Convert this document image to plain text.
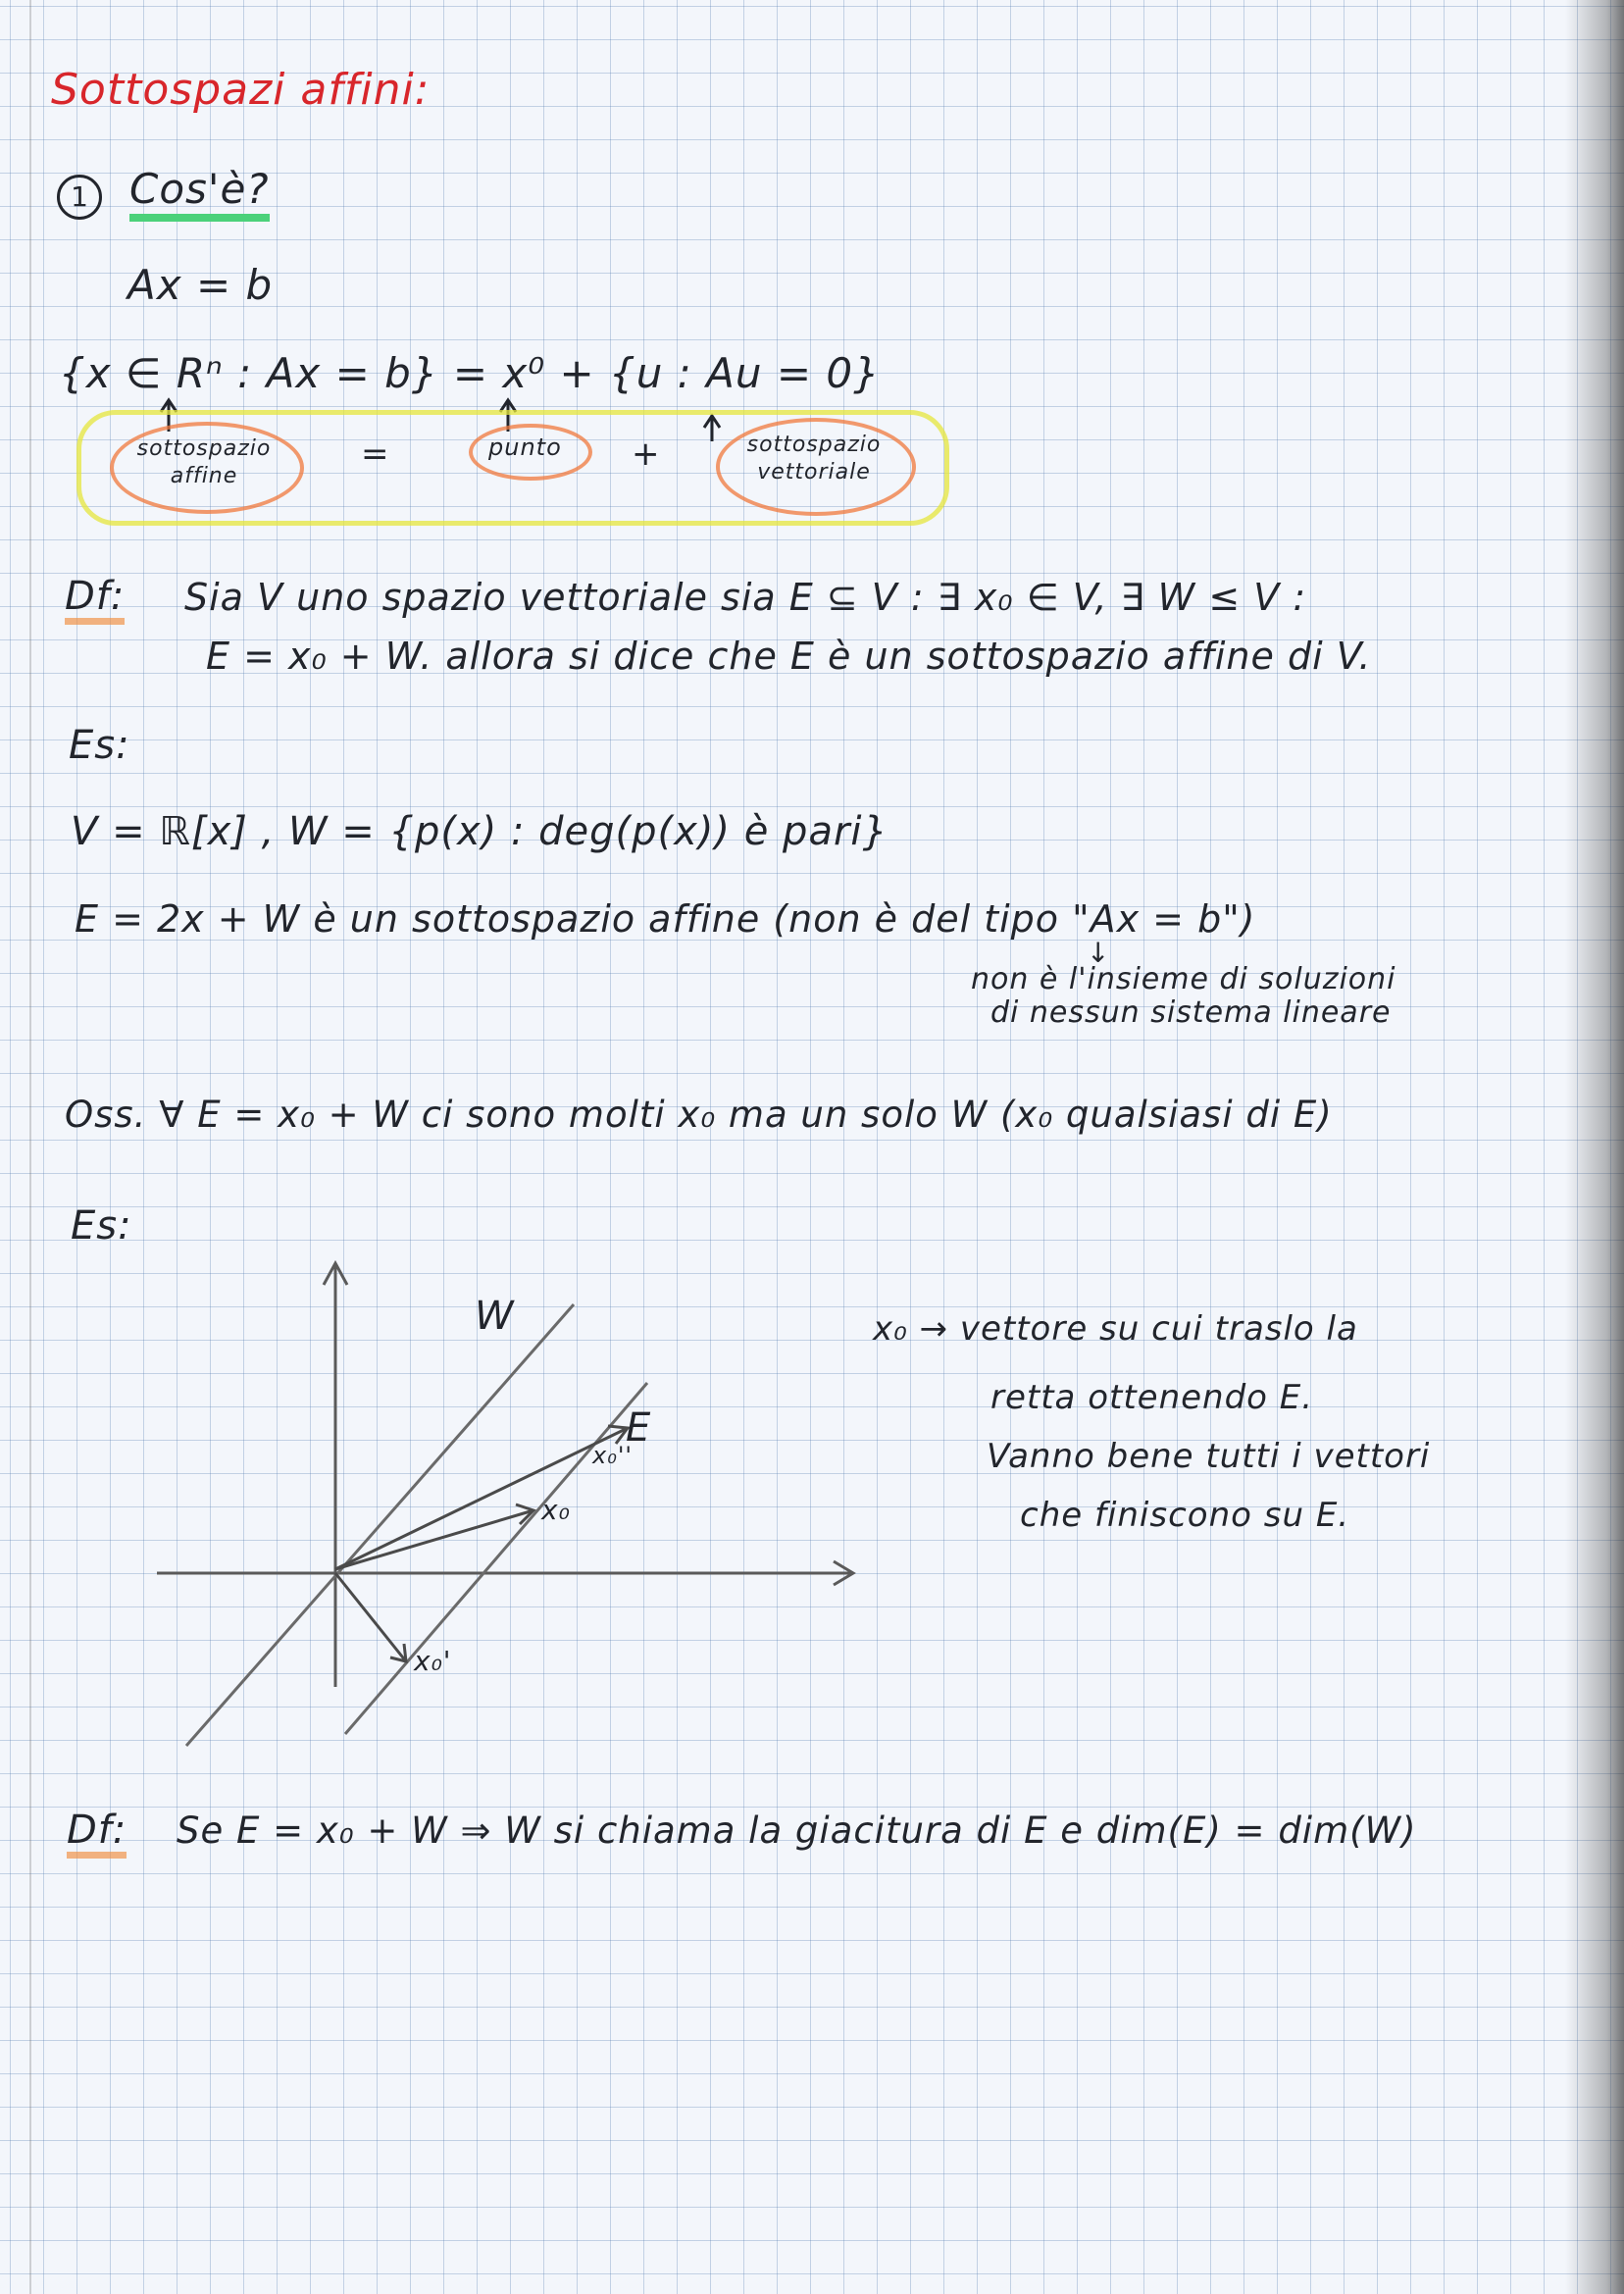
Sottospazi affini:
1	Cos'è?
Ax = b
{x ∈ Rⁿ : Ax = b} = x⁰ + {u : Au = 0}
sottospazio affine
=	punto +	sottospazio vettoriale
Df: Sia V uno spazio vettoriale sia E ⊆ V : ∃ x₀ ∈ V, ∃ W ≤ V :
E = x₀ + W. allora si dice che E è un sottospazio affine di V.
Es:
V = ℝ[x] , W = {p(x) : deg(p(x)) è pari}
E = 2x + W è un sottospazio affine (non è del tipo "Ax = b")
↓
non è l'insieme di soluzioni
di nessun sistema lineare
Oss. ∀ E = x₀ + W ci sono molti x₀ ma un solo W (x₀ qualsiasi di E)
Es:
W
E
x₀
x₀''
x₀'
x₀ → vettore su cui traslo la
retta ottenendo E.
Vanno bene tutti i vettori
che finiscono su E.
Df: Se E = x₀ + W ⇒ W si chiama la giacitura di E e dim(E) = dim(W)
